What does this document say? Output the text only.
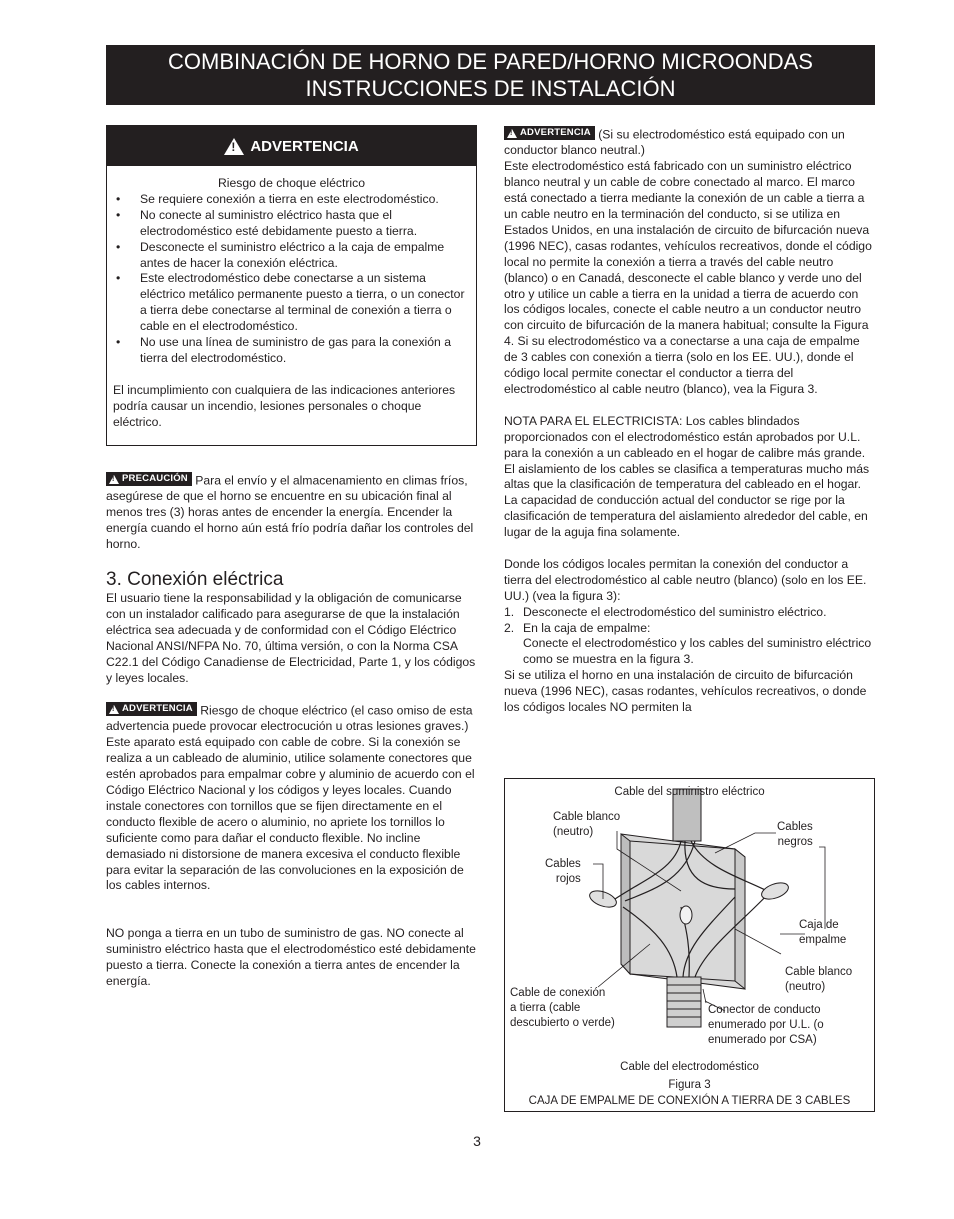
COMBINACIÓN DE HORNO DE PARED/HORNO MICROONDAS
INSTRUCCIONES DE INSTALACIÓN
!
ADVERTENCIA
Riesgo de choque eléctrico
• Se requiere conexión a tierra en este electrodoméstico.
• No conecte al suministro eléctrico hasta que el electrodoméstico esté debidamente puesto a tierra.
• Desconecte el suministro eléctrico a la caja de empalme antes de hacer la conexión eléctrica.
• Este electrodoméstico debe conectarse a un sistema eléctrico metálico permanente puesto a tierra, o un conector a tierra debe conectarse al terminal de conexión a tierra o cable en el electrodoméstico.
• No use una línea de suministro de gas para la conexión a tierra del electrodoméstico.
El incumplimiento con cualquiera de las indicaciones anteriores podría causar un incendio, lesiones personales o choque eléctrico.
!
PRECAUCIÓN Para el envío y el almacenamiento en climas fríos, asegúrese de que el horno se encuentre en su ubicación final al menos tres (3) horas antes de encender la energía. Encender la energía cuando el horno aún está frío podría dañar los controles del horno.
3. Conexión eléctrica
El usuario tiene la responsabilidad y la obligación de comunicarse con un instalador calificado para asegurarse de que la instalación eléctrica sea adecuada y de conformidad con el Código Eléctrico Nacional ANSI/NFPA No. 70, última versión, o con la Norma CSA C22.1 del Código Canadiense de Electricidad, Parte 1, y los códigos y leyes locales.
!
ADVERTENCIA Riesgo de choque eléctrico (el caso omiso de esta advertencia puede provocar electrocución u otras lesiones graves.) Este aparato está equipado con cable de cobre. Si la conexión se realiza a un cableado de aluminio, utilice solamente conectores que estén aprobados para empalmar cobre y aluminio de acuerdo con el Código Eléctrico Nacional y los códigos y leyes locales. Cuando instale conectores con tornillos que se fijen directamente en el conducto flexible de acero o aluminio, no apriete los tornillos lo suficiente como para dañar el conducto flexible. No incline demasiado ni distorsione de manera excesiva el conducto flexible para evitar la separación de las convoluciones en la exposición de los cables internos.
NO ponga a tierra en un tubo de suministro de gas. NO conecte al suministro eléctrico hasta que el electrodoméstico esté debidamente puesto a tierra. Conecte la conexión a tierra antes de encender la energía.
!
ADVERTENCIA (Si su electrodoméstico está equipado con un conductor blanco neutral.)
Este electrodoméstico está fabricado con un suministro eléctrico blanco neutral y un cable de cobre conectado al marco. El marco está conectado a tierra mediante la conexión de un cable a tierra a un cable neutro en la terminación del conducto, si se utiliza en Estados Unidos, en una instalación de circuito de bifurcación nueva (1996 NEC), casas rodantes, vehículos recreativos, donde el código local no permite la conexión a tierra a través del cable neutro (blanco) o en Canadá, desconecte el cable blanco y verde uno del otro y utilice un cable a tierra en la unidad a tierra de acuerdo con los códigos locales, conecte el cable neutro a un conductor neutro con circuito de bifurcación de la manera habitual; consulte la Figura 4. Si su electrodoméstico va a conectarse a una caja de empalme de 3 cables con conexión a tierra (solo en los EE. UU.), donde el código local permite conectar el conductor a tierra del electrodoméstico al cable neutro (blanco), vea la Figura 3.
NOTA PARA EL ELECTRICISTA: Los cables blindados proporcionados con el electrodoméstico están aprobados por U.L. para la conexión a un cableado en el hogar de calibre más grande. El aislamiento de los cables se clasifica a temperaturas mucho más altas que la clasificación de temperatura del cableado en el hogar. La capacidad de conducción actual del conductor se rige por la clasificación de temperatura del aislamiento alrededor del cable, en lugar de la aguja fina solamente.
Donde los códigos locales permitan la conexión del conductor a tierra del electrodoméstico al cable neutro (blanco) (solo en los EE. UU.) (vea la figura 3):
1. Desconecte el electrodoméstico del suministro eléctrico.
2. En la caja de empalme:
Conecte el electrodoméstico y los cables del suministro eléctrico como se muestra en la figura 3.
Si se utiliza el horno en una instalación de circuito de bifurcación nueva (1996 NEC), casas rodantes, vehículos recreativos, o donde los códigos locales NO permiten la
Cable del suministro eléctrico
Cable blanco
(neutro)	Cables
negros
Cables
rojos
Caja de
empalme
Cable blanco
(neutro)
Cable de conexión
a tierra (cable
descubierto o verde)
Conector de conducto
enumerado por U.L. (o
enumerado por CSA)
Cable del electrodoméstico
Figura 3
CAJA DE EMPALME DE CONEXIÓN A TIERRA DE 3 CABLES
3
